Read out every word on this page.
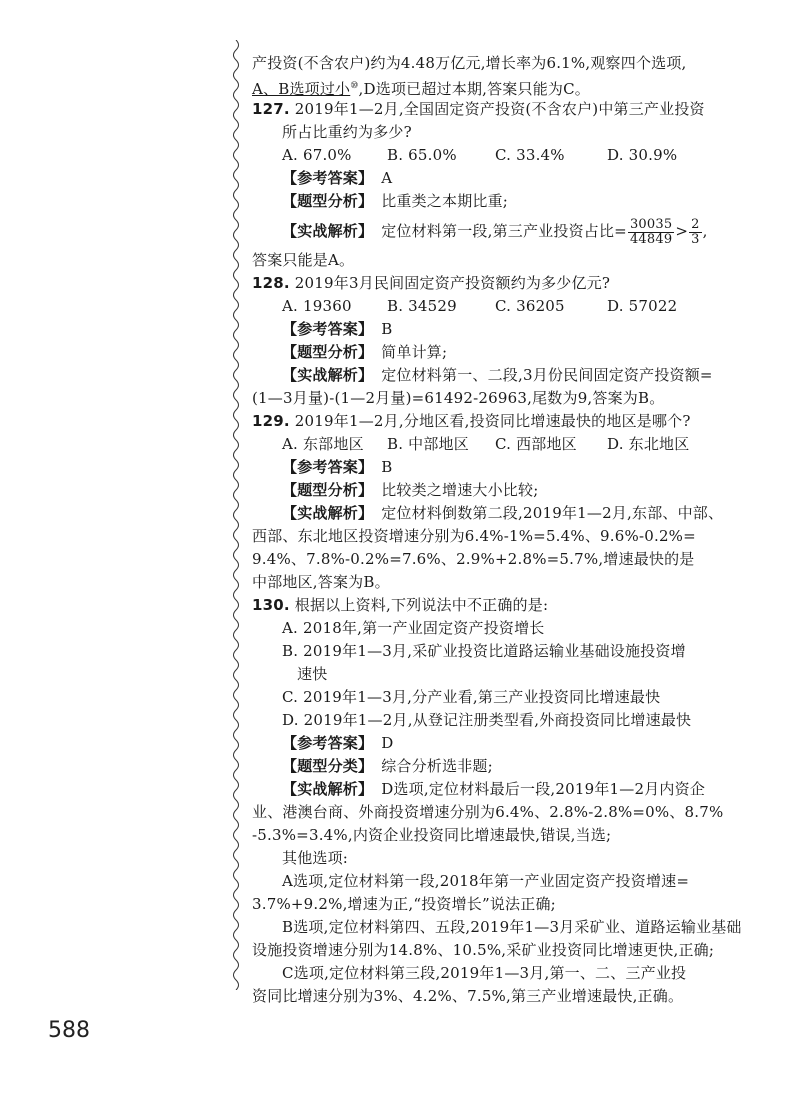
产投资(不含农户)约为4.48万亿元,增长率为6.1%,观察四个选项,
A、B选项过小⑩,D选项已超过本期,答案只能为C。
127. 2019年1—2月,全国固定资产投资(不含农户)中第三产业投资
所占比重约为多少?
A. 67.0%	B. 65.0%	C. 33.4%	D. 30.9%
【参考答案】 A
【题型分析】 比重类之本期比重;
【实战解析】 定位材料第一段,第三产业投资占比= $\frac{30035}{44849} > \frac{2}{3}$ ,
答案只能是A。
128. 2019年3月民间固定资产投资额约为多少亿元?
A. 19360	B. 34529	C. 36205	D. 57022
【参考答案】 B
【题型分析】 简单计算;
【实战解析】 定位材料第一、二段,3月份民间固定资产投资额=
(1—3月量)-(1—2月量)=61492-26963,尾数为9,答案为B。
129. 2019年1—2月,分地区看,投资同比增速最快的地区是哪个?
A. 东部地区	B. 中部地区	C. 西部地区	D. 东北地区
【参考答案】 B
【题型分析】 比较类之增速大小比较;
【实战解析】 定位材料倒数第二段,2019年1—2月,东部、中部、
西部、东北地区投资增速分别为6.4%-1%=5.4%、9.6%-0.2%=
9.4%、7.8%-0.2%=7.6%、2.9%+2.8%=5.7%,增速最快的是
中部地区,答案为B。
130. 根据以上资料,下列说法中不正确的是:
A. 2018年,第一产业固定资产投资增长
B. 2019年1—3月,采矿业投资比道路运输业基础设施投资增
速快
C. 2019年1—3月,分产业看,第三产业投资同比增速最快
D. 2019年1—2月,从登记注册类型看,外商投资同比增速最快
【参考答案】 D
【题型分类】 综合分析选非题;
【实战解析】 D选项,定位材料最后一段,2019年1—2月内资企
业、港澳台商、外商投资增速分别为6.4%、2.8%-2.8%=0%、8.7%
-5.3%=3.4%,内资企业投资同比增速最快,错误,当选;
其他选项:
A选项,定位材料第一段,2018年第一产业固定资产投资增速=
3.7%+9.2%,增速为正,“投资增长”说法正确;
B选项,定位材料第四、五段,2019年1—3月采矿业、道路运输业基础
设施投资增速分别为14.8%、10.5%,采矿业投资同比增速更快,正确;
C选项,定位材料第三段,2019年1—3月,第一、二、三产业投
资同比增速分别为3%、4.2%、7.5%,第三产业增速最快,正确。
588
